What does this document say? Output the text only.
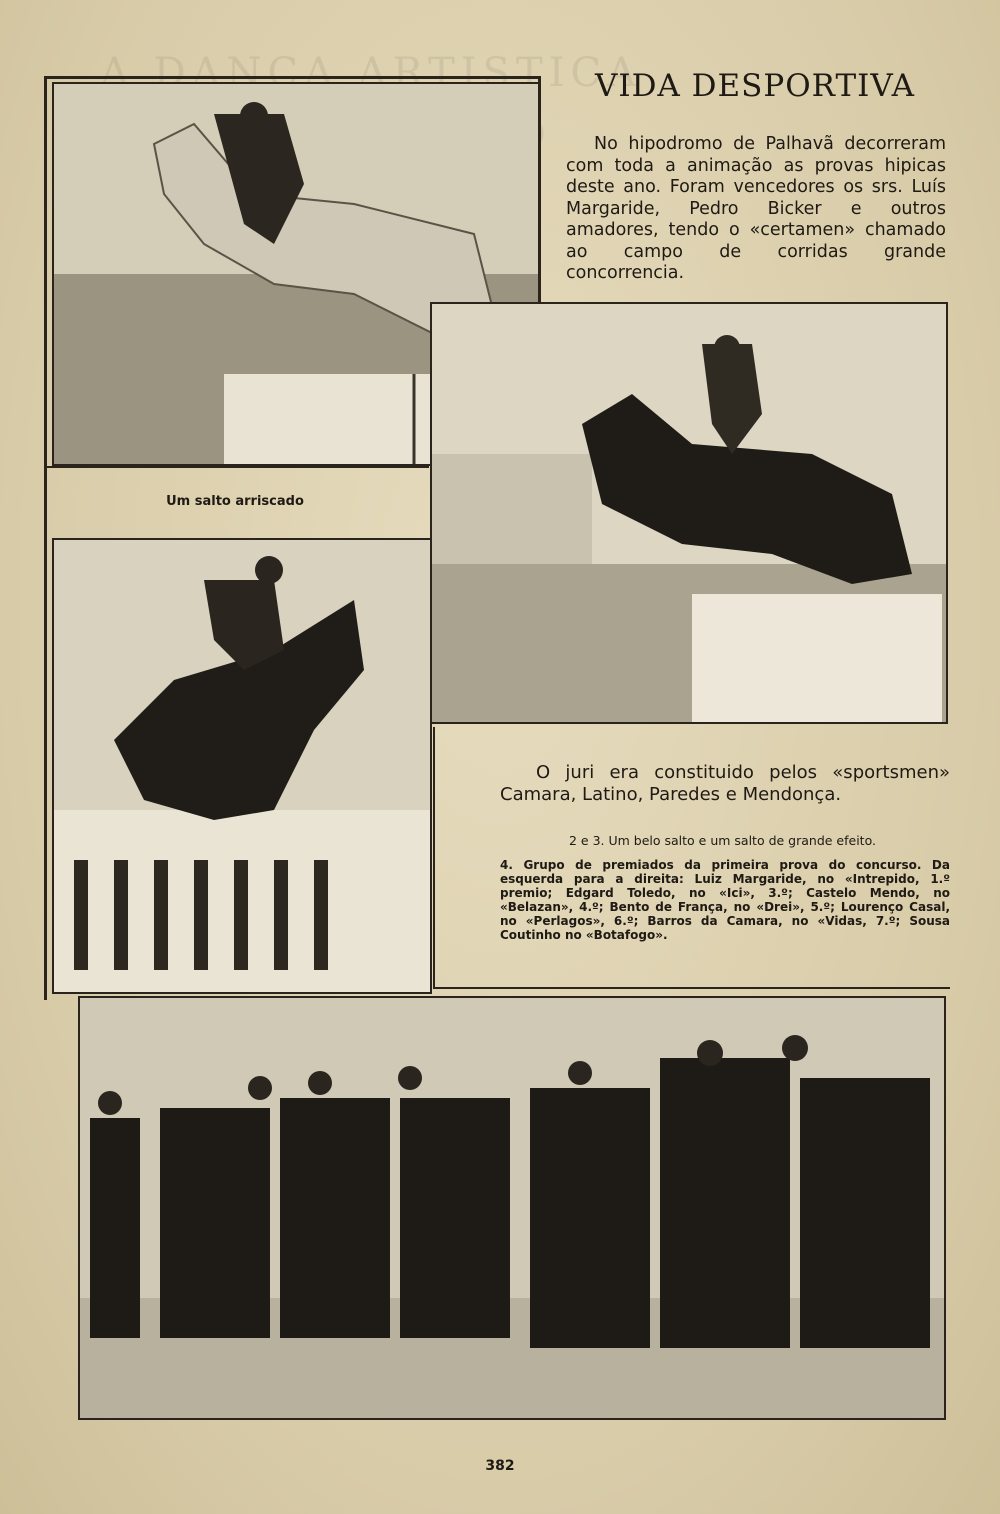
A DANÇA ARTISTICA
VIDA DESPORTIVA
No hipodromo de Palhavã decorreram com toda a animação as provas hipicas deste ano. Foram vencedores os srs. Luís Margaride, Pedro Bicker e outros amadores, tendo o «certamen» chamado ao campo de corridas grande concorrencia.
Um salto arriscado
O juri era constituido pelos «sportsmen» Camara, Latino, Paredes e Mendonça.
2 e 3. Um belo salto e um salto de grande efeito.
4. Grupo de premiados da primeira prova do concurso. Da esquerda para a direita: Luiz Margaride, no «Intrepido, 1.º premio; Edgard Toledo, no «Ici», 3.º; Castelo Mendo, no «Belazan», 4.º; Bento de França, no «Drei», 5.º; Lourenço Casal, no «Perlagos», 6.º; Barros da Camara, no «Vidas, 7.º; Sousa Coutinho no «Botafogo».
382
